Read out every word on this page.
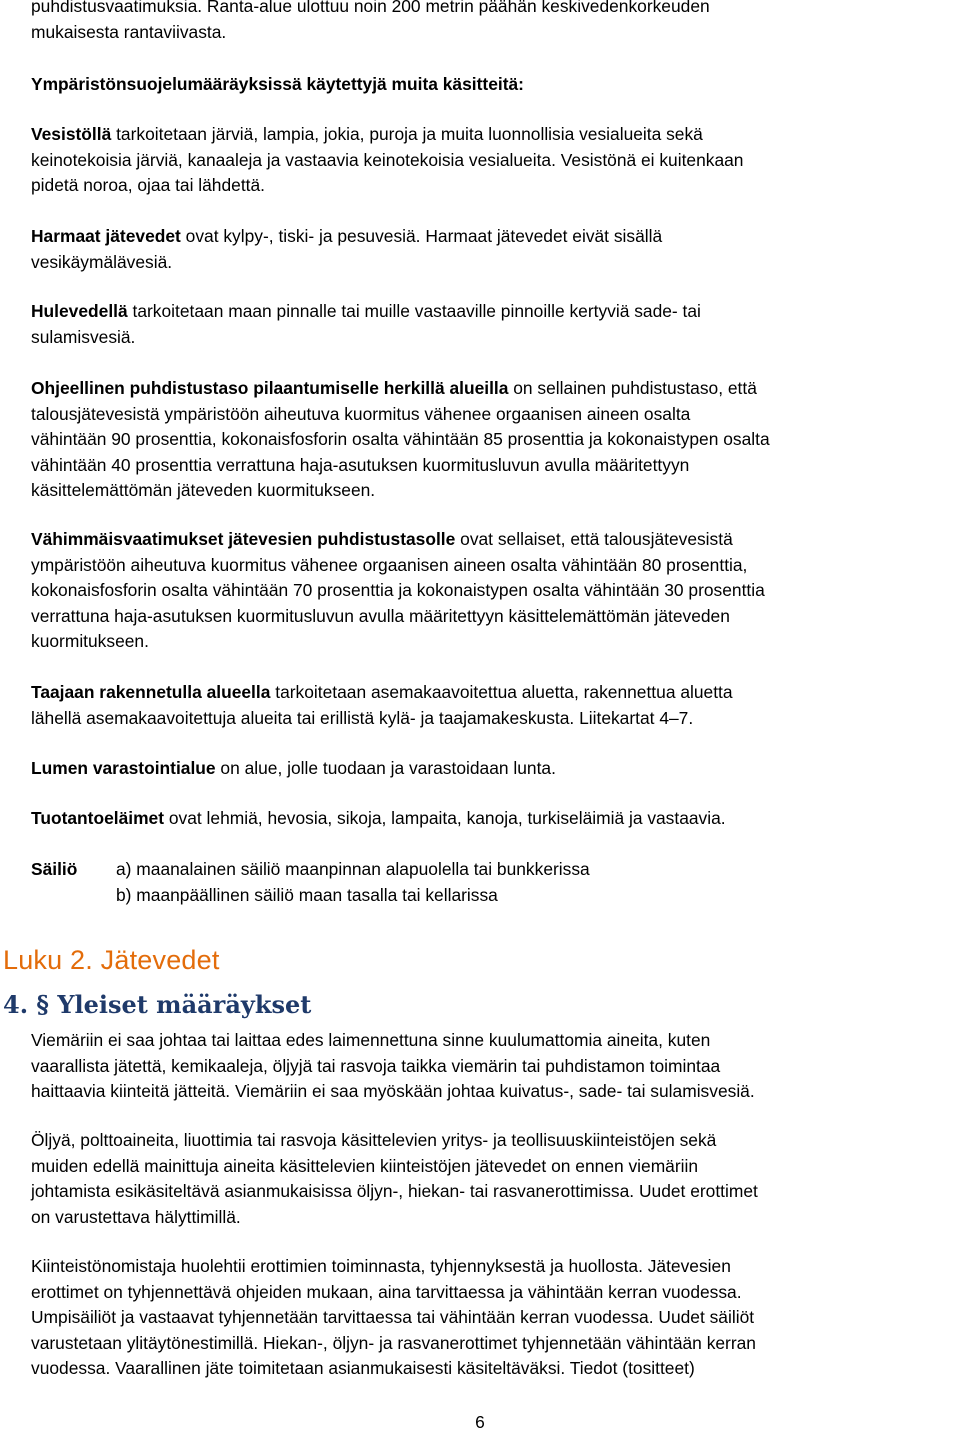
puhdistusvaatimuksia. Ranta-alue ulottuu noin 200 metrin päähän keskivedenkorkeuden
mukaisesta rantaviivasta.

Ympäristönsuojelumääräyksissä käytettyjä muita käsitteitä:

Vesistöllä tarkoitetaan järviä, lampia, jokia, puroja ja muita luonnollisia vesialueita sekä
keinotekoisia järviä, kanaaleja ja vastaavia keinotekoisia vesialueita. Vesistönä ei kuitenkaan
pidetä noroa, ojaa tai lähdettä.

Harmaat jätevedet ovat kylpy-, tiski- ja pesuvesiä. Harmaat jätevedet eivät sisällä
vesikäymälävesiä.

Hulevedellä tarkoitetaan maan pinnalle tai muille vastaaville pinnoille kertyviä sade- tai
sulamisvesiä.

Ohjeellinen puhdistustaso pilaantumiselle herkillä alueilla on sellainen puhdistustaso, että
talousjätevesistä ympäristöön aiheutuva kuormitus vähenee orgaanisen aineen osalta
vähintään 90 prosenttia, kokonaisfosforin osalta vähintään 85 prosenttia ja kokonaistypen osalta
vähintään 40 prosenttia verrattuna haja-asutuksen kuormitusluvun avulla määritettyyn
käsittelemättömän jäteveden kuormitukseen.

Vähimmäisvaatimukset jätevesien puhdistustasolle ovat sellaiset, että talousjätevesistä
ympäristöön aiheutuva kuormitus vähenee orgaanisen aineen osalta vähintään 80 prosenttia,
kokonaisfosforin osalta vähintään 70 prosenttia ja kokonaistypen osalta vähintään 30 prosenttia
verrattuna haja-asutuksen kuormitusluvun avulla määritettyyn käsittelemättömän jäteveden
kuormitukseen.

Taajaan rakennetulla alueella tarkoitetaan asemakaavoitettua aluetta, rakennettua aluetta
lähellä asemakaavoitettuja alueita tai erillistä kylä- ja taajamakeskusta. Liitekartat 4–7.

Lumen varastointialue on alue, jolle tuodaan ja varastoidaan lunta.

Tuotantoeläimet ovat lehmiä, hevosia, sikoja, lampaita, kanoja, turkiseläimiä ja vastaavia.

Säiliö	a) maanalainen säiliö maanpinnan alapuolella tai bunkkerissa
b) maanpäällinen säiliö maan tasalla tai kellarissa
Luku 2. Jätevedet
4. § Yleiset määräykset

Viemäriin ei saa johtaa tai laittaa edes laimennettuna sinne kuulumattomia aineita, kuten
vaarallista jätettä, kemikaaleja, öljyjä tai rasvoja taikka viemärin tai puhdistamon toimintaa
haittaavia kiinteitä jätteitä. Viemäriin ei saa myöskään johtaa kuivatus-, sade- tai sulamisvesiä.

Öljyä, polttoaineita, liuottimia tai rasvoja käsittelevien yritys- ja teollisuuskiinteistöjen sekä
muiden edellä mainittuja aineita käsittelevien kiinteistöjen jätevedet on ennen viemäriin
johtamista esikäsiteltävä asianmukaisissa öljyn-, hiekan- tai rasvanerottimissa. Uudet erottimet
on varustettava hälyttimillä.

Kiinteistönomistaja huolehtii erottimien toiminnasta, tyhjennyksestä ja huollosta. Jätevesien
erottimet on tyhjennettävä ohjeiden mukaan, aina tarvittaessa ja vähintään kerran vuodessa.
Umpisäiliöt ja vastaavat tyhjennetään tarvittaessa tai vähintään kerran vuodessa. Uudet säiliöt
varustetaan ylitäytönestimillä. Hiekan-, öljyn- ja rasvanerottimet tyhjennetään vähintään kerran
vuodessa. Vaarallinen jäte toimitetaan asianmukaisesti käsiteltäväksi. Tiedot (tositteet)

6
